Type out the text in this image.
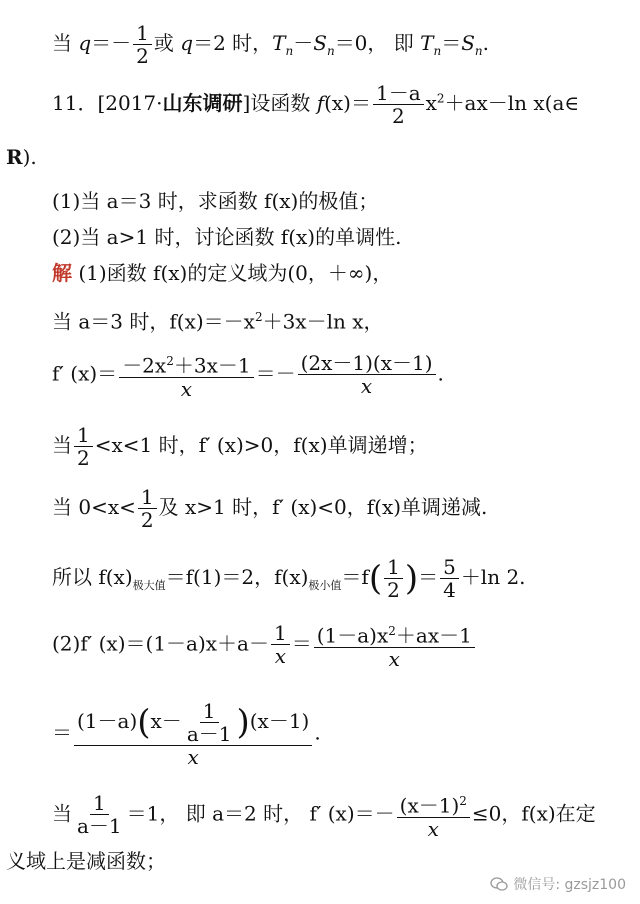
当 $q=- \frac{1}{2}$ 或 q＝2 时，$T_n-S_n=0$， 即 $T_n=S_n$.
11．[2017·山东调研]设函数 $f(x)= \frac{1-a}{2} x^2+ax-\ln$ x(a∈
R).
(1)当 a＝3 时，求函数 f(x)的极值；
(2)当 a>1 时，讨论函数 f(x)的单调性.
解 (1)函数 f(x)的定义域为(0，＋∞)，
当 a＝3 时，$f(x)=-x^2+3x-\ln$ x，
f′ $(x)= \frac{-2x^2+3x-1}{x} =- \frac{(2x-1)(x-1)}{x}$ .
当 $\frac{1}{2} <x<1$ 时，f′ (x)>0，f(x)单调递增；
当 $0<x< \frac{1}{2}$ 及 x>1 时，f′ (x)<0，f(x)单调递减.
所以 $f(x)_{极大值}=f(1)=2$，$f(x)_{极小值}=f( \frac{1}{2}$ )＝ $\frac{5}{4} +\ln$ 2.
(2)f′ $(x)=(1-a)x+a- \frac{1}{x} = \frac{(1-a)x^2+ax-1}{x}$
＝ $\frac{(1-a)(x- \frac{1}{a-1} )(x-1)}{x}$ .
当 $\frac{1}{a-1} =1$， 即 a＝2 时， f′ $(x)=- \frac{(x-1)^2}{x} \le 0$，f(x)在定
义域上是减函数；
微信号: gzsjz100
